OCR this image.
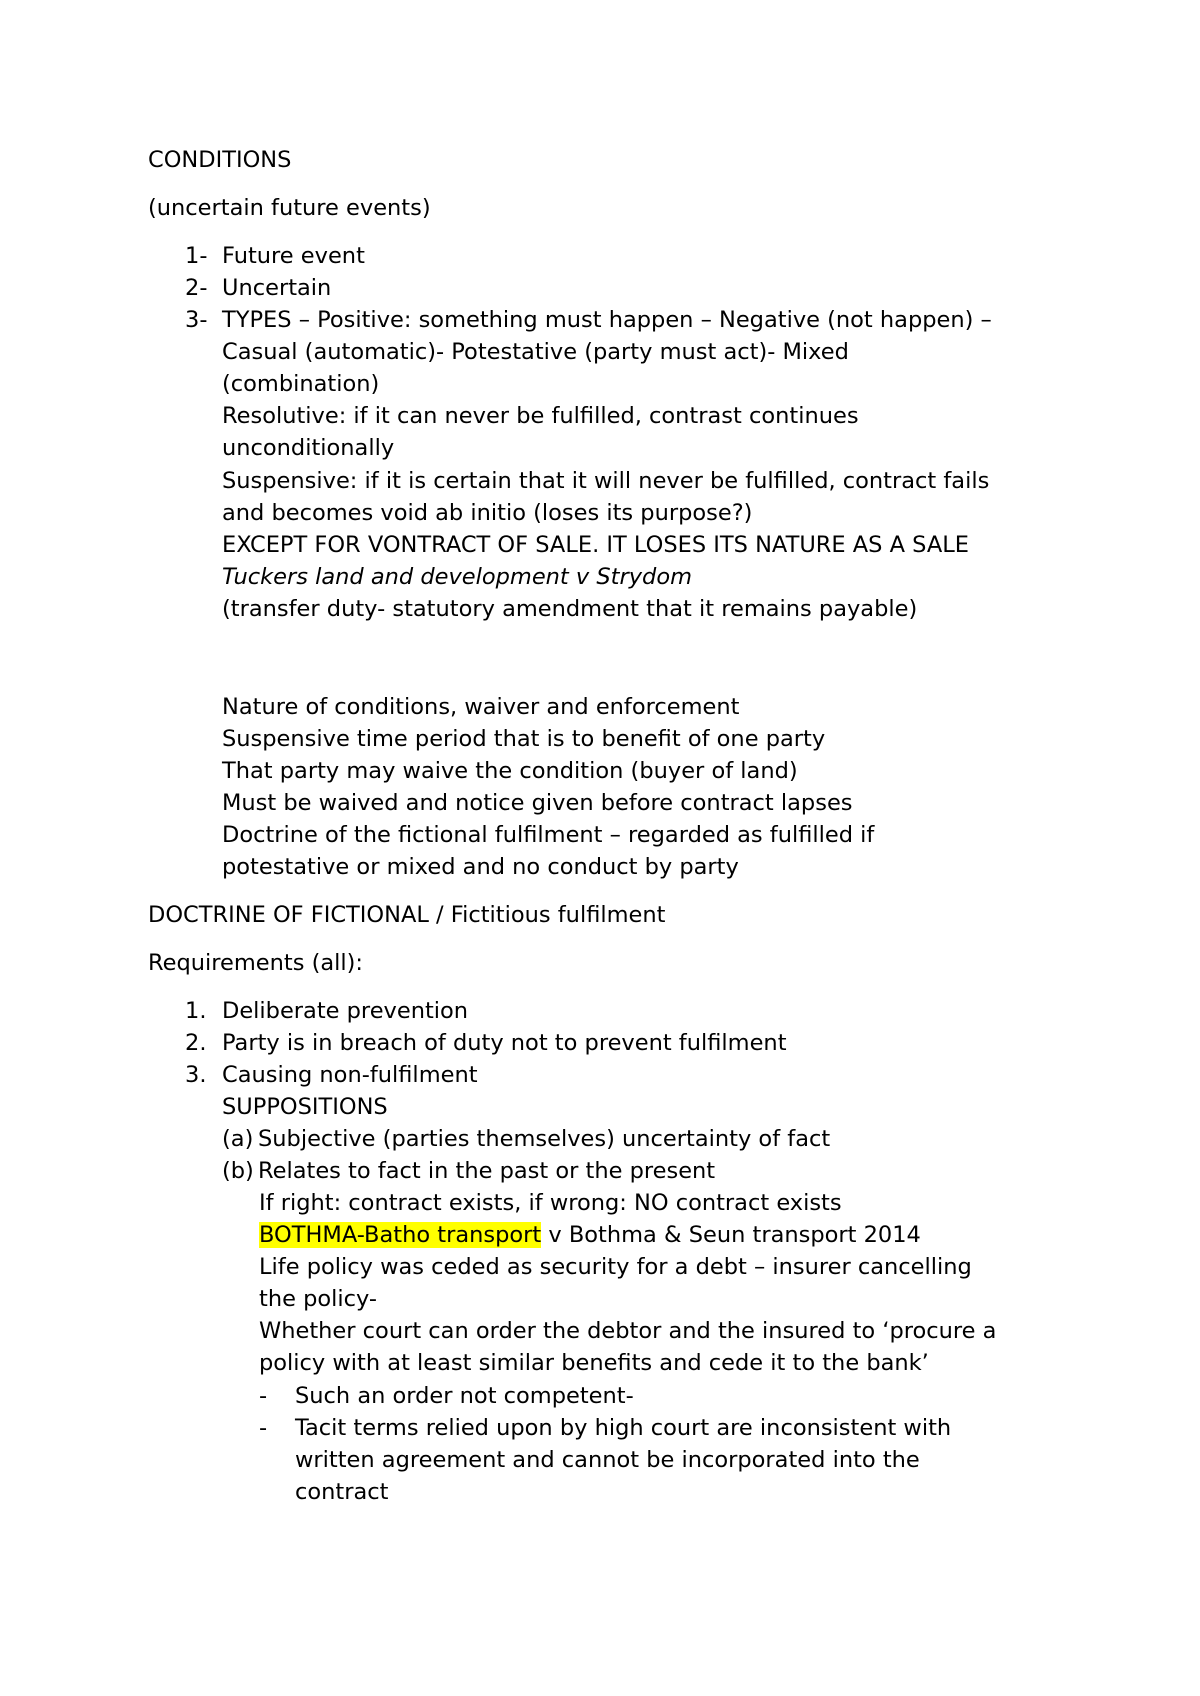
CONDITIONS
(uncertain future events)
1- Future event
2- Uncertain
3- TYPES – Positive: something must happen – Negative (not happen) –
Casual (automatic)- Potestative (party must act)- Mixed
(combination)
Resolutive: if it can never be fulfilled, contrast continues
unconditionally
Suspensive: if it is certain that it will never be fulfilled, contract fails
and becomes void ab initio (loses its purpose?)
EXCEPT FOR VONTRACT OF SALE. IT LOSES ITS NATURE AS A SALE
Tuckers land and development v Strydom
(transfer duty- statutory amendment that it remains payable)
Nature of conditions, waiver and enforcement
Suspensive time period that is to benefit of one party
That party may waive the condition (buyer of land)
Must be waived and notice given before contract lapses
Doctrine of the fictional fulfilment – regarded as fulfilled if
potestative or mixed and no conduct by party
DOCTRINE OF FICTIONAL / Fictitious fulfilment
Requirements (all):
1. Deliberate prevention
2. Party is in breach of duty not to prevent fulfilment
3. Causing non-fulfilment
SUPPOSITIONS
(a) Subjective (parties themselves) uncertainty of fact
(b) Relates to fact in the past or the present
If right: contract exists, if wrong: NO contract exists
BOTHMA-Batho transport v Bothma & Seun transport 2014
Life policy was ceded as security for a debt – insurer cancelling
the policy-
Whether court can order the debtor and the insured to ‘procure a
policy with at least similar benefits and cede it to the bank’
- Such an order not competent-
- Tacit terms relied upon by high court are inconsistent with
written agreement and cannot be incorporated into the
contract
